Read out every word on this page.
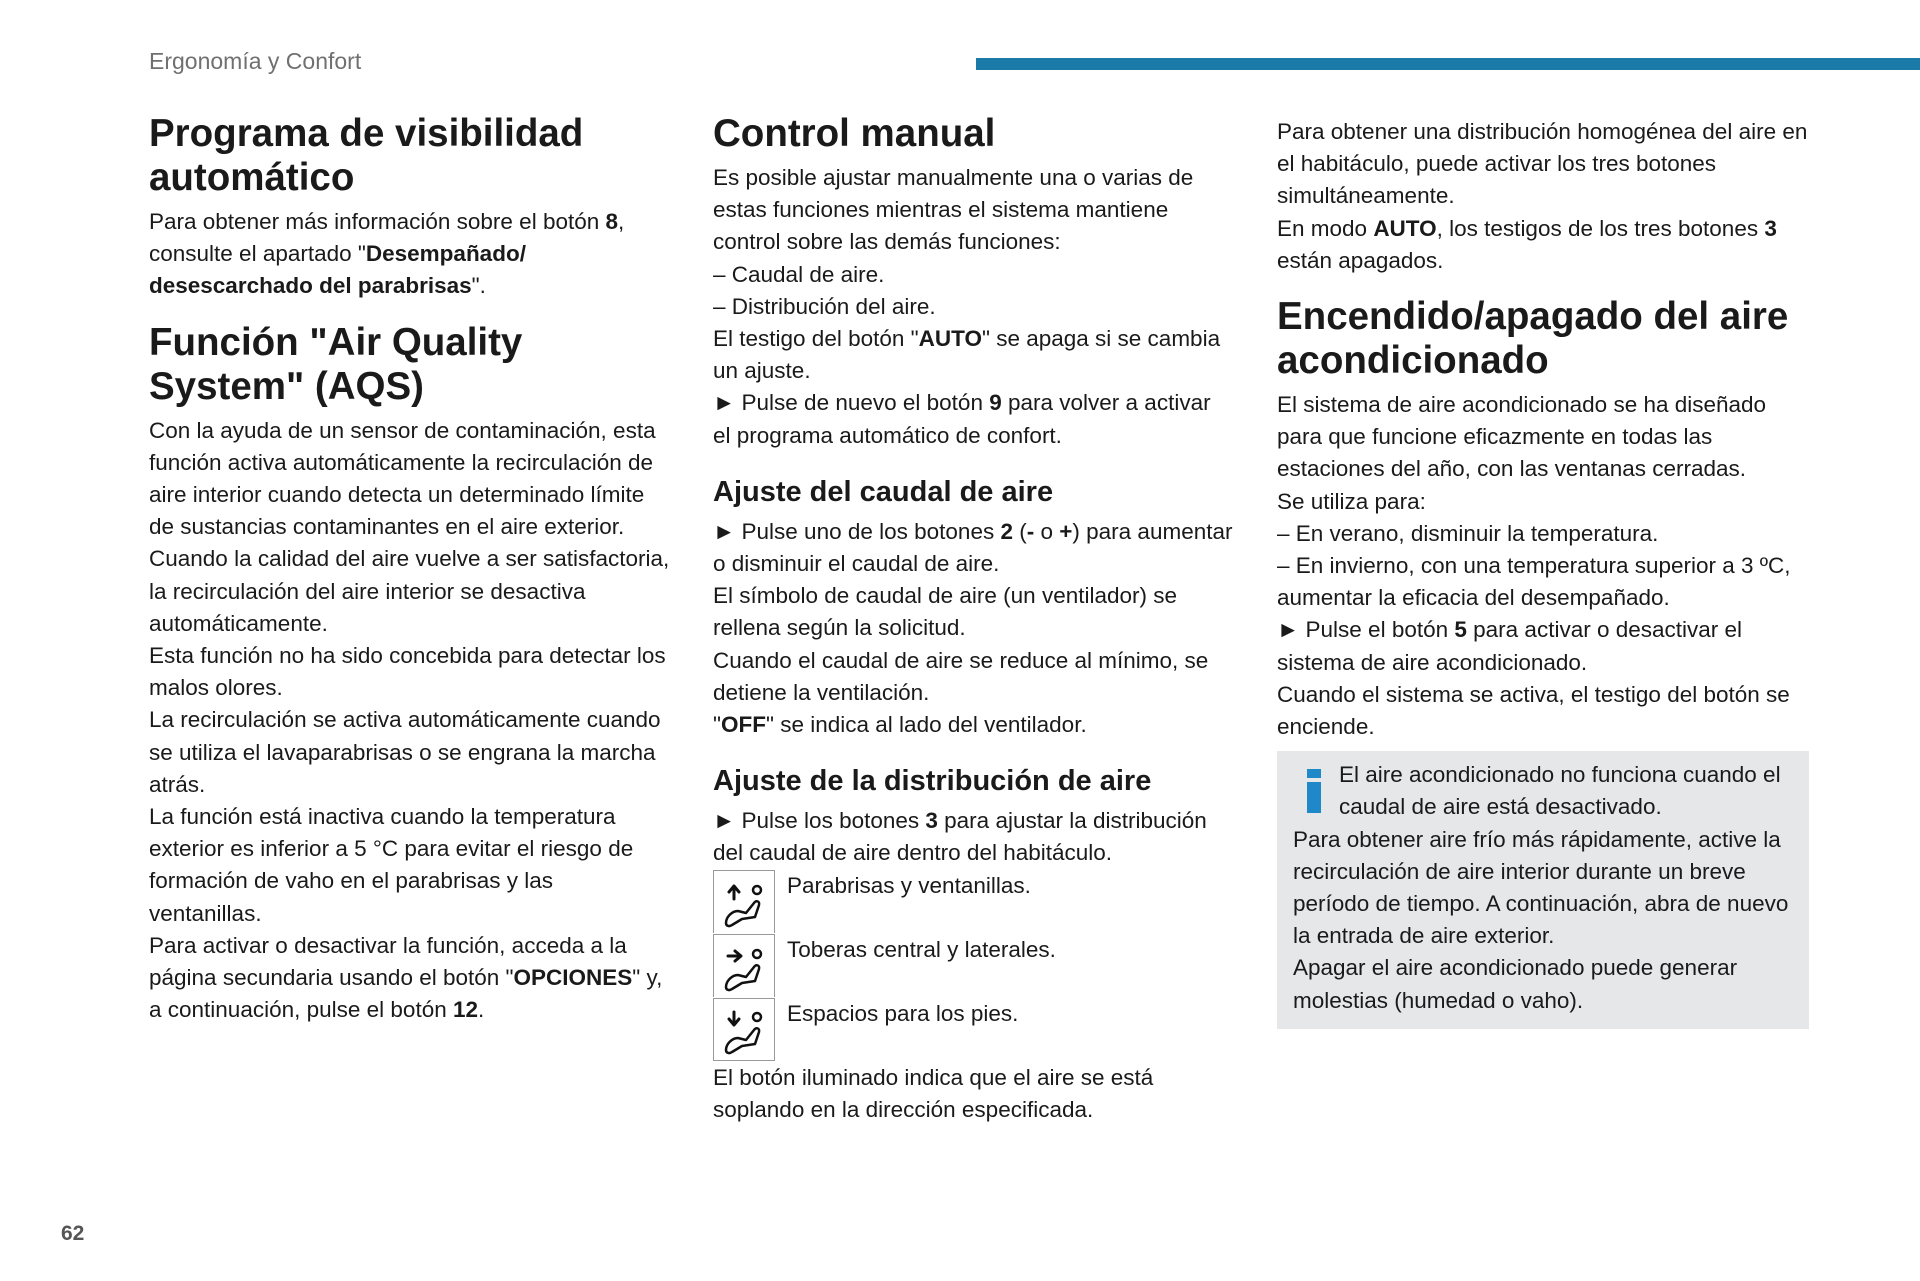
Ergonomía y Confort
Programa de visibilidad automático
Para obtener más información sobre el botón 8, consulte el apartado "Desempañado/ desescarchado del parabrisas".
Función "Air Quality System" (AQS)
Con la ayuda de un sensor de contaminación, esta función activa automáticamente la recirculación de aire interior cuando detecta un determinado límite de sustancias contaminantes en el aire exterior.
Cuando la calidad del aire vuelve a ser satisfactoria, la recirculación del aire interior se desactiva automáticamente.
Esta función no ha sido concebida para detectar los malos olores.
La recirculación se activa automáticamente cuando se utiliza el lavaparabrisas o se engrana la marcha atrás.
La función está inactiva cuando la temperatura exterior es inferior a 5 °C para evitar el riesgo de formación de vaho en el parabrisas y las ventanillas.
Para activar o desactivar la función, acceda a la página secundaria usando el botón "OPCIONES" y, a continuación, pulse el botón 12.
Control manual
Es posible ajustar manualmente una o varias de estas funciones mientras el sistema mantiene control sobre las demás funciones:
– Caudal de aire.
– Distribución del aire.
El testigo del botón "AUTO" se apaga si se cambia un ajuste.
► Pulse de nuevo el botón 9 para volver a activar el programa automático de confort.
Ajuste del caudal de aire
► Pulse uno de los botones 2 (- o +) para aumentar o disminuir el caudal de aire.
El símbolo de caudal de aire (un ventilador) se rellena según la solicitud.
Cuando el caudal de aire se reduce al mínimo, se detiene la ventilación.
"OFF" se indica al lado del ventilador.
Ajuste de la distribución de aire
► Pulse los botones 3 para ajustar la distribución del caudal de aire dentro del habitáculo.
Parabrisas y ventanillas.
Toberas central y laterales.
Espacios para los pies.
El botón iluminado indica que el aire se está soplando en la dirección especificada.
Para obtener una distribución homogénea del aire en el habitáculo, puede activar los tres botones simultáneamente.
En modo AUTO, los testigos de los tres botones 3 están apagados.
Encendido/apagado del aire acondicionado
El sistema de aire acondicionado se ha diseñado para que funcione eficazmente en todas las estaciones del año, con las ventanas cerradas.
Se utiliza para:
– En verano, disminuir la temperatura.
– En invierno, con una temperatura superior a 3 ºC, aumentar la eficacia del desempañado.
► Pulse el botón 5 para activar o desactivar el sistema de aire acondicionado.
Cuando el sistema se activa, el testigo del botón se enciende.
El aire acondicionado no funciona cuando el caudal de aire está desactivado.
Para obtener aire frío más rápidamente, active la recirculación de aire interior durante un breve período de tiempo. A continuación, abra de nuevo la entrada de aire exterior.
Apagar el aire acondicionado puede generar molestias (humedad o vaho).
62
